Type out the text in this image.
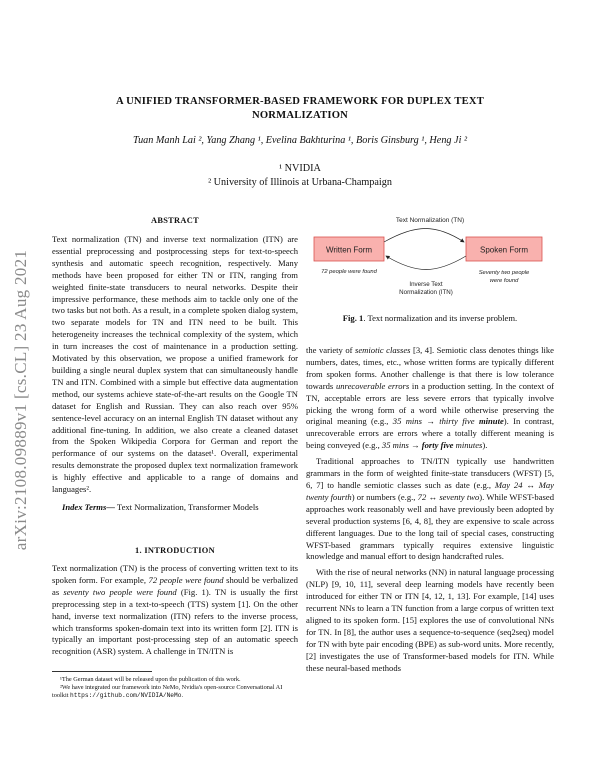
arXiv:2108.09889v1 [cs.CL] 23 Aug 2021
A UNIFIED TRANSFORMER-BASED FRAMEWORK FOR DUPLEX TEXT
NORMALIZATION
Tuan Manh Lai ², Yang Zhang ¹, Evelina Bakhturina ¹, Boris Ginsburg ¹, Heng Ji ²
¹ NVIDIA
² University of Illinois at Urbana-Champaign
ABSTRACT

Text normalization (TN) and inverse text normalization (ITN) are essential preprocessing and postprocessing steps for text-to-speech synthesis and automatic speech recognition, respectively. Many methods have been proposed for either TN or ITN, ranging from weighted finite-state transducers to neural networks. Despite their impressive performance, these methods aim to tackle only one of the two tasks but not both. As a result, in a complete spoken dialog system, two separate models for TN and ITN need to be built. This heterogeneity increases the technical complexity of the system, which in turn increases the cost of maintenance in a production setting. Motivated by this observation, we propose a unified framework for building a single neural duplex system that can simultaneously handle TN and ITN. Combined with a simple but effective data augmentation method, our systems achieve state-of-the-art results on the Google TN dataset for English and Russian. They can also reach over 95% sentence-level accuracy on an internal English TN dataset without any additional fine-tuning. In addition, we also create a cleaned dataset from the Spoken Wikipedia Corpora for German and report the performance of our systems on the dataset¹. Overall, experimental results demonstrate the proposed duplex text normalization framework is highly effective and applicable to a range of domains and languages².

Index Terms— Text Normalization, Transformer Models

1. INTRODUCTION

Text normalization (TN) is the process of converting written text to its spoken form. For example, 72 people were found should be verbalized as seventy two people were found (Fig. 1). TN is usually the first preprocessing step in a text-to-speech (TTS) system [1]. On the other hand, inverse text normalization (ITN) refers to the inverse process, which transforms spoken-domain text into its written form [2]. ITN is typically an important post-processing step of an automatic speech recognition (ASR) system. A challenge in TN/ITN is

¹The German dataset will be released upon the publication of this work.
²We have integrated our framework into NeMo, Nvidia's open-source Conversational AI toolkit https://github.com/NVIDIA/NeMo.
Text Normalization (TN)
Written Form	Spoken Form
72 people were found	Seventy two people
were found
Inverse Text
Normalization (ITN)
Fig. 1. Text normalization and its inverse problem.

the variety of semiotic classes [3, 4]. Semiotic class denotes things like numbers, dates, times, etc., whose written forms are typically different from spoken forms. Another challenge is that there is low tolerance towards unrecoverable errors in a production setting. In the context of TN, acceptable errors are less severe errors that typically involve picking the wrong form of a word while otherwise preserving the original meaning (e.g., 35 mins → thirty five minute). In contrast, unrecoverable errors are errors where a totally different meaning is being conveyed (e.g., 35 mins → forty five minutes).

Traditional approaches to TN/ITN typically use handwritten grammars in the form of weighted finite-state transducers (WFST) [5, 6, 7] to handle semiotic classes such as date (e.g., May 24 ↔ May twenty fourth) or numbers (e.g., 72 ↔ seventy two). While WFST-based approaches work reasonably well and have previously been adopted by several production systems [6, 4, 8], they are expensive to scale across different languages. Due to the long tail of special cases, constructing WFST-based grammars typically requires extensive linguistic knowledge and manual effort to design handcrafted rules.

With the rise of neural networks (NN) in natural language processing (NLP) [9, 10, 11], several deep learning models have recently been introduced for either TN or ITN [4, 12, 1, 13]. For example, [14] uses recurrent NNs to learn a TN function from a large corpus of written text aligned to its spoken form. [15] explores the use of convolutional NNs for TN. In [8], the author uses a sequence-to-sequence (seq2seq) model for TN with byte pair encoding (BPE) as sub-word units. More recently, [2] investigates the use of Transformer-based models for ITN. While these neural-based methods
